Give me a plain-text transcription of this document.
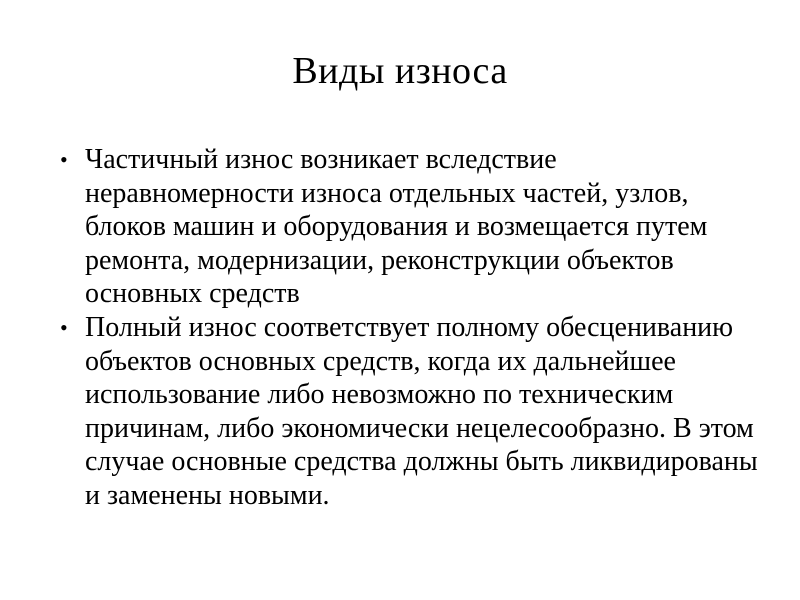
Виды износа
• Частичный износ возникает вследствие неравномерности износа отдельных частей, узлов, блоков машин и оборудования и возмещается путем ремонта, модернизации, реконструкции объектов основных средств
• Полный износ соответствует полному обесцениванию объектов основных средств, когда их дальнейшее использование либо невозможно по техническим причинам, либо экономически нецелесообразно. В этом случае основные средства должны быть ликвидированы и заменены новыми.
